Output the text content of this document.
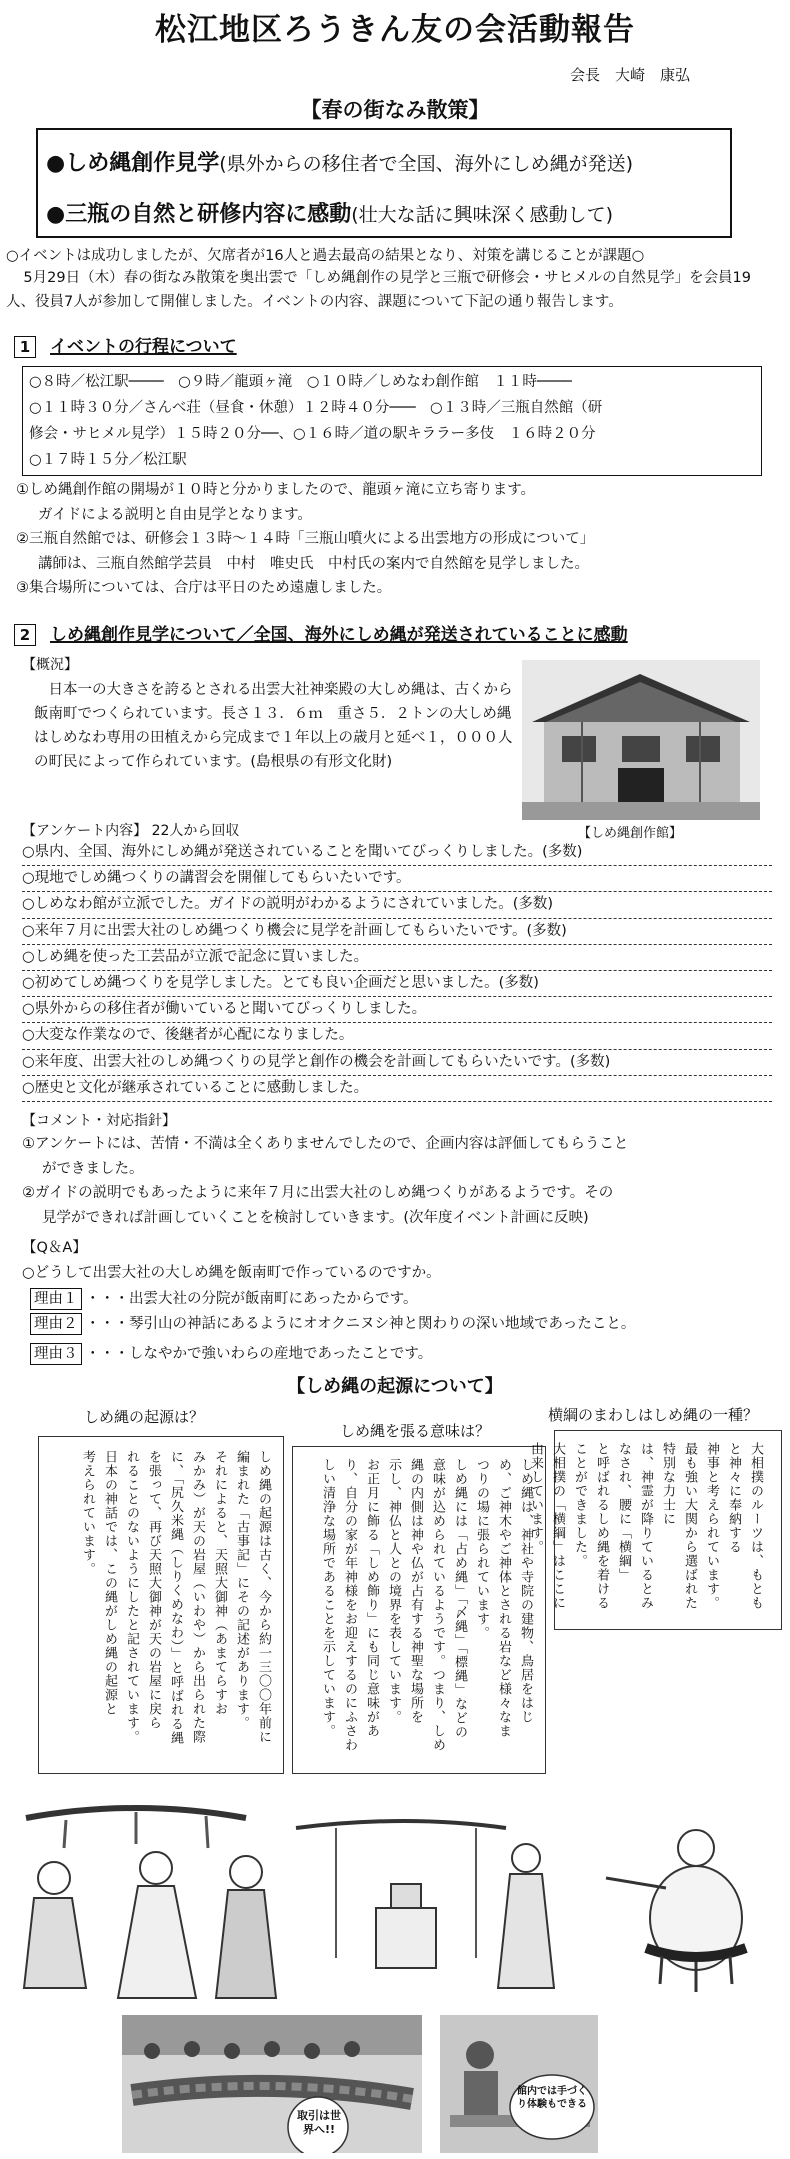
松江地区ろうきん友の会活動報告
会長　大崎　康弘
【春の街なみ散策】
●しめ縄創作見学(県外からの移住者で全国、海外にしめ縄が発送)
●三瓶の自然と研修内容に感動(壮大な話に興味深く感動して)
○イベントは成功しましたが、欠席者が16人と過去最高の結果となり、対策を講じることが課題○
5月29日（木）春の街なみ散策を奥出雲で「しめ縄創作の見学と三瓶で研修会・サヒメルの自然見学」を会員19人、役員7人が参加して開催しました。イベントの内容、課題について下記の通り報告します。
1 イベントの行程について
○８時／松江駅────　○９時／龍頭ヶ滝　○１０時／しめなわ創作館　１１時────
○１１時３０分／さんべ荘（昼食・休憩）１２時４０分───　○１３時／三瓶自然館（研
修会・サヒメル見学）１５時２０分──、○１６時／道の駅キララー多伎　１６時２０分
○１７時１５分／松江駅
①しめ縄創作館の開場が１０時と分かりましたので、龍頭ヶ滝に立ち寄ります。
ガイドによる説明と自由見学となります。
②三瓶自然館では、研修会１３時～１４時「三瓶山噴火による出雲地方の形成について」
講師は、三瓶自然館学芸員　中村　唯史氏　中村氏の案内で自然館を見学しました。
③集合場所については、合庁は平日のため遠慮しました。
2 しめ縄創作見学について／全国、海外にしめ縄が発送されていることに感動
【概況】
日本一の大きさを誇るとされる出雲大社神楽殿の大しめ縄は、古くから飯南町でつくられています。長さ１３．６ｍ　重さ５．２トンの大しめ縄はしめなわ専用の田植えから完成まで１年以上の歳月と延べ１，０００人の町民によって作られています。(島根県の有形文化財)
【しめ縄創作館】
【アンケート内容】 22人から回収
○県内、全国、海外にしめ縄が発送されていることを聞いてびっくりしました。(多数)
○現地でしめ縄つくりの講習会を開催してもらいたいです。
○しめなわ館が立派でした。ガイドの説明がわかるようにされていました。(多数)
○来年７月に出雲大社のしめ縄つくり機会に見学を計画してもらいたいです。(多数)
○しめ縄を使った工芸品が立派で記念に買いました。
○初めてしめ縄つくりを見学しました。とても良い企画だと思いました。(多数)
○県外からの移住者が働いていると聞いてびっくりしました。
○大変な作業なので、後継者が心配になりました。
○来年度、出雲大社のしめ縄つくりの見学と創作の機会を計画してもらいたいです。(多数)
○歴史と文化が継承されていることに感動しました。
【コメント・対応指針】
①アンケートには、苦情・不満は全くありませんでしたので、企画内容は評価してもらうこと
ができました。
②ガイドの説明でもあったように来年７月に出雲大社のしめ縄つくりがあるようです。その
見学ができれば計画していくことを検討していきます。(次年度イベント計画に反映)
【Q＆A】
○どうして出雲大社の大しめ縄を飯南町で作っているのですか。
理由１ ・・・出雲大社の分院が飯南町にあったからです。
理由２ ・・・琴引山の神話にあるようにオオクニヌシ神と関わりの深い地域であったこと。
【しめ縄の起源について】
理由３ ・・・しなやかで強いわらの産地であったことです。
しめ縄の起源は？
しめ縄を張る意味は？
横綱のまわしはしめ縄の一種？
しめ縄の起源は古く、今から約一三〇〇年前に
編まれた「古事記」にその記述があります。
それによると、天照大御神（あまてらすお
みかみ）が天の岩屋（いわや）から出られた際
に、「尻久米縄（しりくめなわ）」と呼ばれる縄
を張って、再び天照大御神が天の岩屋に戻ら
れることのないようにしたと記されています。
日本の神話では、この縄がしめ縄の起源と
考えられています。	しめ縄は、神社や寺院の建物、鳥居をはじ
め、ご神木やご神体とされる岩など様々なま
つりの場に張られています。
しめ縄には「占め縄」「〆縄」「標縄」などの
意味が込められているようです。つまり、しめ
縄の内側は神や仏が占有する神聖な場所を
示し、神仏と人との境界を表しています。
お正月に飾る「しめ飾り」にも同じ意味があ
り、自分の家が年神様をお迎えするのにふさわ
しい清浄な場所であることを示しています。	大相撲のルーツは、もともと神々に奉納する
神事と考えられています。
最も強い大関から選ばれた特別な力士に
は、神霊が降りているとみなされ、腰に「横綱」
と呼ばれるしめ縄を着けることができました。
大相撲の「横綱」はここに由来しています。
取引は世界へ!!
館内では手づくり体験もできる
